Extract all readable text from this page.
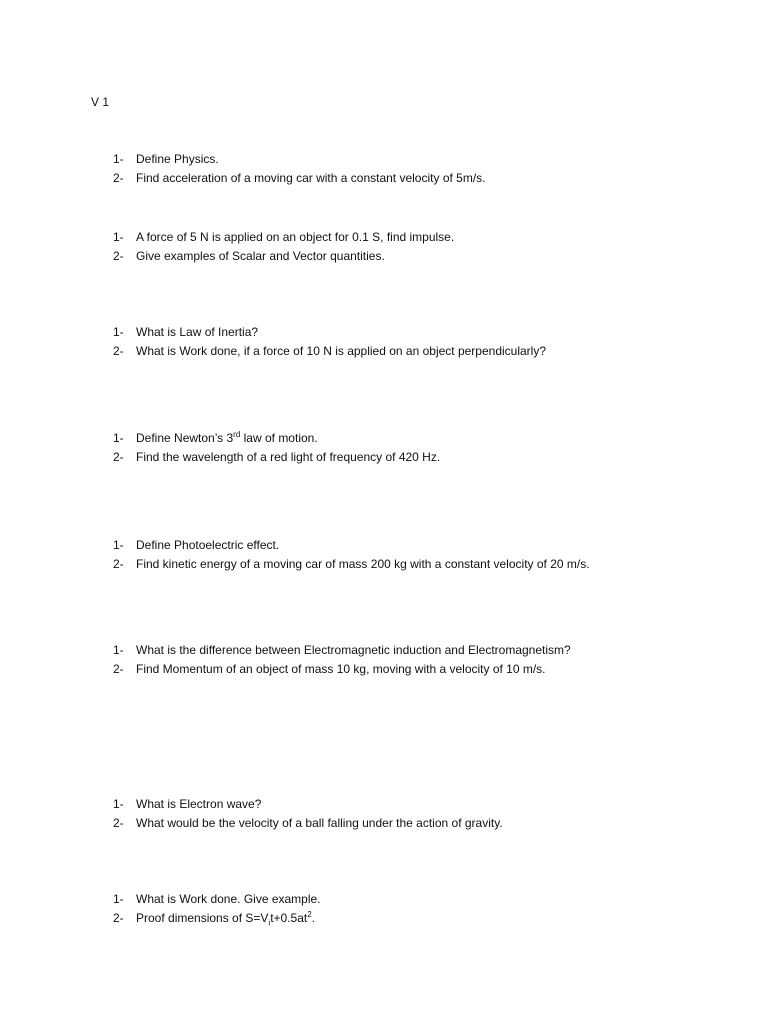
V 1
1- Define Physics.
2- Find acceleration of a moving car with a constant velocity of 5m/s.
1- A force of 5 N is applied on an object for 0.1 S, find impulse.
2- Give examples of Scalar and Vector quantities.
1- What is Law of Inertia?
2- What is Work done, if a force of 10 N is applied on an object perpendicularly?
1- Define Newton’s 3rd law of motion.
2- Find the wavelength of a red light of frequency of 420 Hz.
1- Define Photoelectric effect.
2- Find kinetic energy of a moving car of mass 200 kg with a constant velocity of 20 m/s.
1- What is the difference between Electromagnetic induction and Electromagnetism?
2- Find Momentum of an object of mass 10 kg, moving with a velocity of 10 m/s.
1- What is Electron wave?
2- What would be the velocity of a ball falling under the action of gravity.
1- What is Work done. Give example.
2- Proof dimensions of $S=V_it+0.5at^2$.
